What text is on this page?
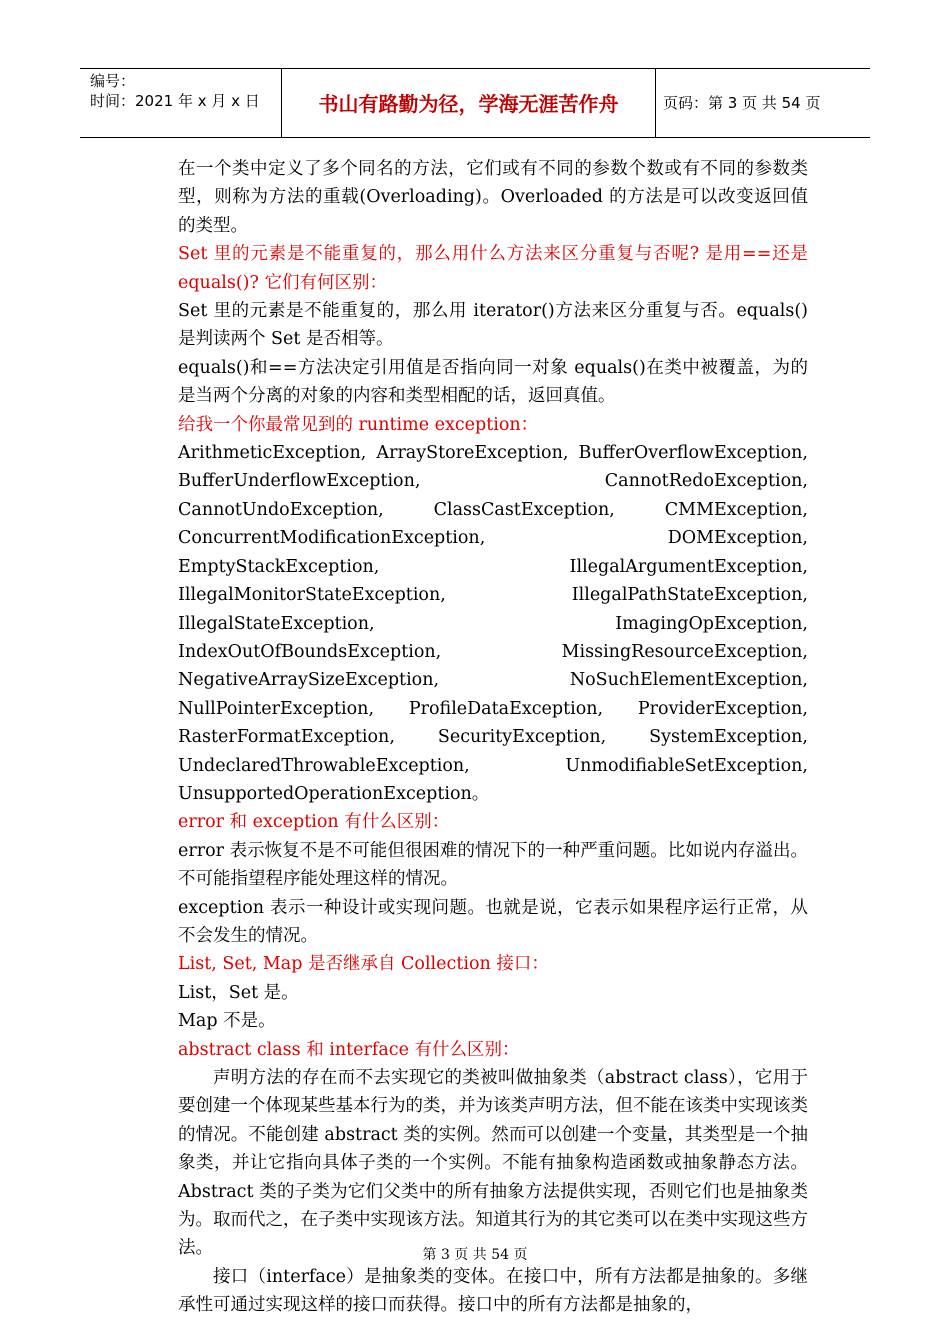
编号：
时间：2021 年 x 月 x 日	书山有路勤为径，学海无涯苦作舟	页码：第 3 页 共 54 页

在一个类中定义了多个同名的方法，它们或有不同的参数个数或有不同的参数类型，则称为方法的重载(Overloading)。Overloaded 的方法是可以改变返回值的类型。

Set 里的元素是不能重复的，那么用什么方法来区分重复与否呢? 是用==还是 equals()? 它们有何区别：

Set 里的元素是不能重复的，那么用 iterator()方法来区分重复与否。equals()是判读两个 Set 是否相等。

equals()和==方法决定引用值是否指向同一对象 equals()在类中被覆盖，为的是当两个分离的对象的内容和类型相配的话，返回真值。

给我一个你最常见到的 runtime exception：

ArithmeticException, ArrayStoreException, BufferOverflowException, BufferUnderflowException, CannotRedoException, CannotUndoException, ClassCastException, CMMException, ConcurrentModificationException, DOMException, EmptyStackException, IllegalArgumentException, IllegalMonitorStateException, IllegalPathStateException, IllegalStateException, ImagingOpException, IndexOutOfBoundsException, MissingResourceException, NegativeArraySizeException, NoSuchElementException, NullPointerException, ProfileDataException, ProviderException, RasterFormatException, SecurityException, SystemException, UndeclaredThrowableException, UnmodifiableSetException, UnsupportedOperationException。

error 和 exception 有什么区别：

error 表示恢复不是不可能但很困难的情况下的一种严重问题。比如说内存溢出。不可能指望程序能处理这样的情况。

exception 表示一种设计或实现问题。也就是说，它表示如果程序运行正常，从不会发生的情况。

List, Set, Map 是否继承自 Collection 接口：

List，Set 是。

Map 不是。

abstract class 和 interface 有什么区别：

声明方法的存在而不去实现它的类被叫做抽象类（abstract class），它用于要创建一个体现某些基本行为的类，并为该类声明方法，但不能在该类中实现该类的情况。不能创建 abstract 类的实例。然而可以创建一个变量，其类型是一个抽象类，并让它指向具体子类的一个实例。不能有抽象构造函数或抽象静态方法。Abstract 类的子类为它们父类中的所有抽象方法提供实现，否则它们也是抽象类为。取而代之，在子类中实现该方法。知道其行为的其它类可以在类中实现这些方法。

接口（interface）是抽象类的变体。在接口中，所有方法都是抽象的。多继承性可通过实现这样的接口而获得。接口中的所有方法都是抽象的，

第 3 页 共 54 页
